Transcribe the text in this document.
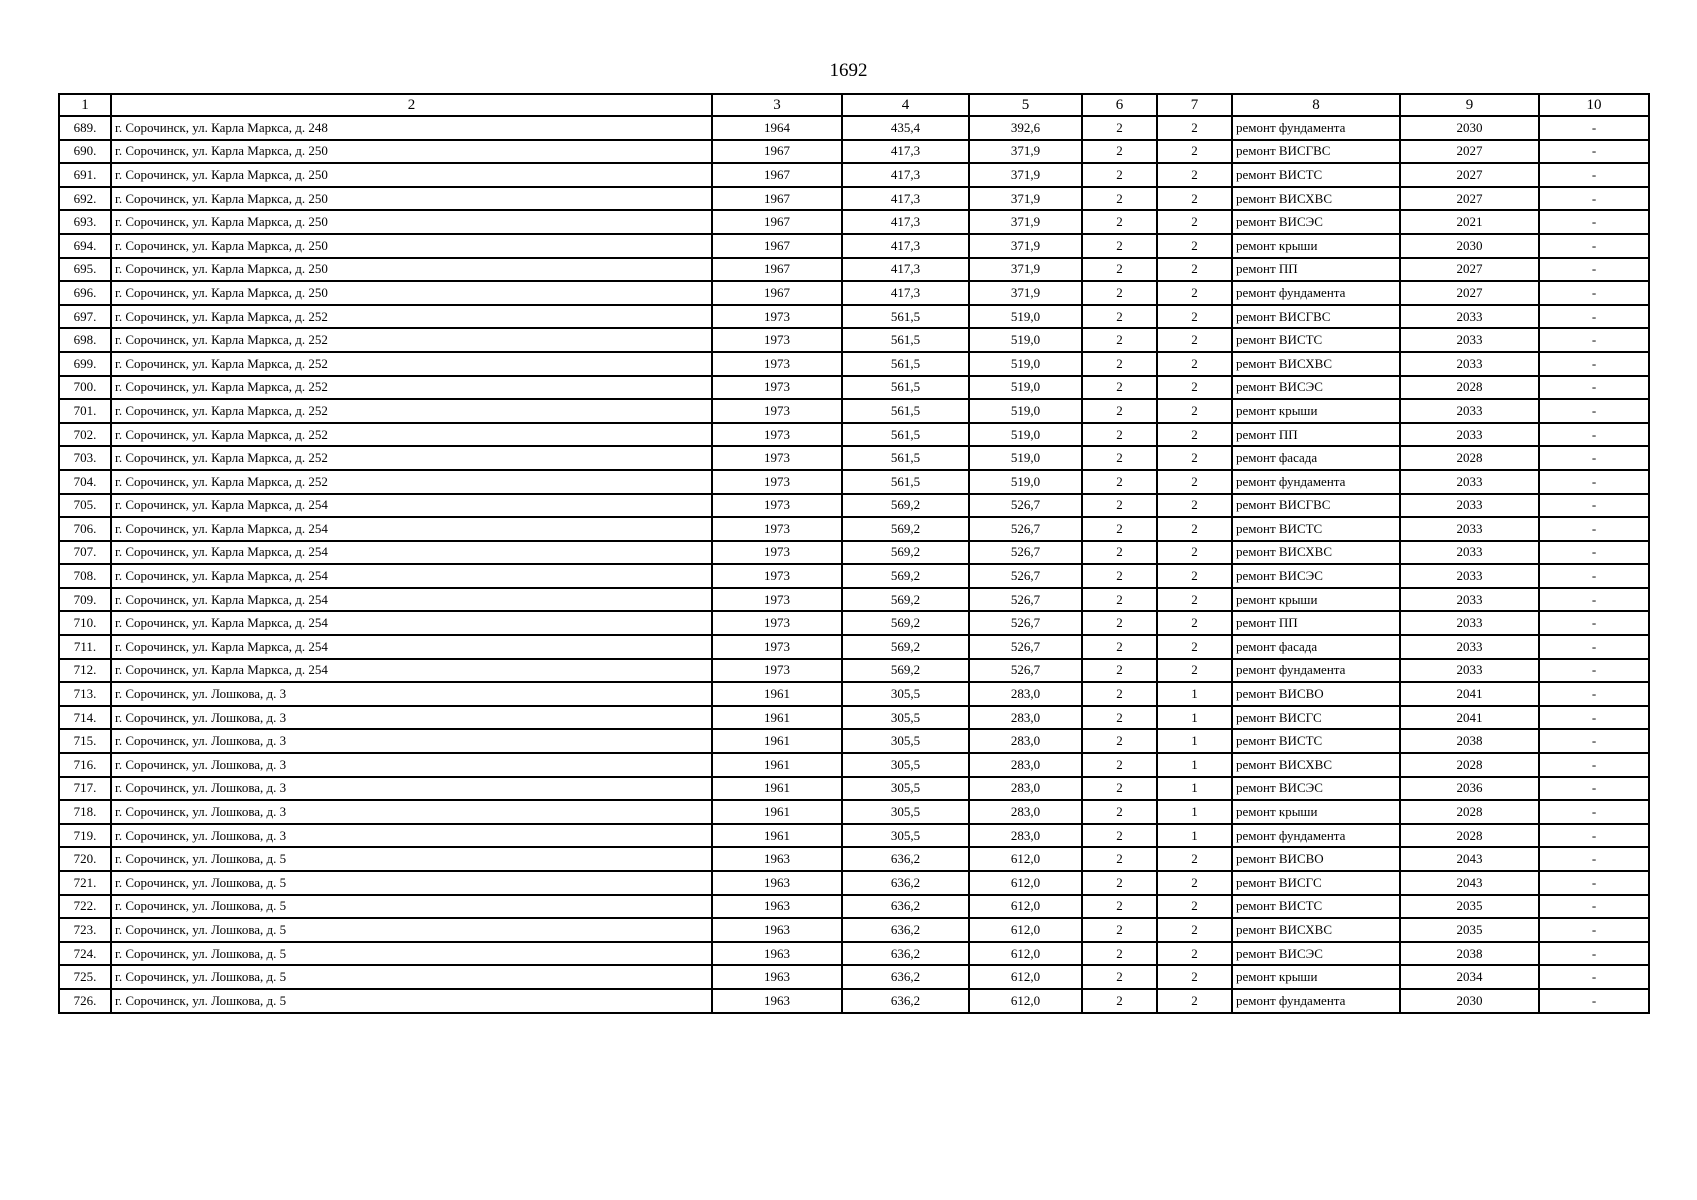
1692
1	2	3	4	5	6	7	8	9	10
689.	г. Сорочинск, ул. Карла Маркса, д. 248	1964	435,4	392,6	2	2	ремонт фундамента	2030	-
690.	г. Сорочинск, ул. Карла Маркса, д. 250	1967	417,3	371,9	2	2	ремонт ВИСГВС	2027	-
691.	г. Сорочинск, ул. Карла Маркса, д. 250	1967	417,3	371,9	2	2	ремонт ВИСТС	2027	-
692.	г. Сорочинск, ул. Карла Маркса, д. 250	1967	417,3	371,9	2	2	ремонт ВИСХВС	2027	-
693.	г. Сорочинск, ул. Карла Маркса, д. 250	1967	417,3	371,9	2	2	ремонт ВИСЭС	2021	-
694.	г. Сорочинск, ул. Карла Маркса, д. 250	1967	417,3	371,9	2	2	ремонт крыши	2030	-
695.	г. Сорочинск, ул. Карла Маркса, д. 250	1967	417,3	371,9	2	2	ремонт ПП	2027	-
696.	г. Сорочинск, ул. Карла Маркса, д. 250	1967	417,3	371,9	2	2	ремонт фундамента	2027	-
697.	г. Сорочинск, ул. Карла Маркса, д. 252	1973	561,5	519,0	2	2	ремонт ВИСГВС	2033	-
698.	г. Сорочинск, ул. Карла Маркса, д. 252	1973	561,5	519,0	2	2	ремонт ВИСТС	2033	-
699.	г. Сорочинск, ул. Карла Маркса, д. 252	1973	561,5	519,0	2	2	ремонт ВИСХВС	2033	-
700.	г. Сорочинск, ул. Карла Маркса, д. 252	1973	561,5	519,0	2	2	ремонт ВИСЭС	2028	-
701.	г. Сорочинск, ул. Карла Маркса, д. 252	1973	561,5	519,0	2	2	ремонт крыши	2033	-
702.	г. Сорочинск, ул. Карла Маркса, д. 252	1973	561,5	519,0	2	2	ремонт ПП	2033	-
703.	г. Сорочинск, ул. Карла Маркса, д. 252	1973	561,5	519,0	2	2	ремонт фасада	2028	-
704.	г. Сорочинск, ул. Карла Маркса, д. 252	1973	561,5	519,0	2	2	ремонт фундамента	2033	-
705.	г. Сорочинск, ул. Карла Маркса, д. 254	1973	569,2	526,7	2	2	ремонт ВИСГВС	2033	-
706.	г. Сорочинск, ул. Карла Маркса, д. 254	1973	569,2	526,7	2	2	ремонт ВИСТС	2033	-
707.	г. Сорочинск, ул. Карла Маркса, д. 254	1973	569,2	526,7	2	2	ремонт ВИСХВС	2033	-
708.	г. Сорочинск, ул. Карла Маркса, д. 254	1973	569,2	526,7	2	2	ремонт ВИСЭС	2033	-
709.	г. Сорочинск, ул. Карла Маркса, д. 254	1973	569,2	526,7	2	2	ремонт крыши	2033	-
710.	г. Сорочинск, ул. Карла Маркса, д. 254	1973	569,2	526,7	2	2	ремонт ПП	2033	-
711.	г. Сорочинск, ул. Карла Маркса, д. 254	1973	569,2	526,7	2	2	ремонт фасада	2033	-
712.	г. Сорочинск, ул. Карла Маркса, д. 254	1973	569,2	526,7	2	2	ремонт фундамента	2033	-
713.	г. Сорочинск, ул. Лошкова, д. 3	1961	305,5	283,0	2	1	ремонт ВИСВО	2041	-
714.	г. Сорочинск, ул. Лошкова, д. 3	1961	305,5	283,0	2	1	ремонт ВИСГС	2041	-
715.	г. Сорочинск, ул. Лошкова, д. 3	1961	305,5	283,0	2	1	ремонт ВИСТС	2038	-
716.	г. Сорочинск, ул. Лошкова, д. 3	1961	305,5	283,0	2	1	ремонт ВИСХВС	2028	-
717.	г. Сорочинск, ул. Лошкова, д. 3	1961	305,5	283,0	2	1	ремонт ВИСЭС	2036	-
718.	г. Сорочинск, ул. Лошкова, д. 3	1961	305,5	283,0	2	1	ремонт крыши	2028	-
719.	г. Сорочинск, ул. Лошкова, д. 3	1961	305,5	283,0	2	1	ремонт фундамента	2028	-
720.	г. Сорочинск, ул. Лошкова, д. 5	1963	636,2	612,0	2	2	ремонт ВИСВО	2043	-
721.	г. Сорочинск, ул. Лошкова, д. 5	1963	636,2	612,0	2	2	ремонт ВИСГС	2043	-
722.	г. Сорочинск, ул. Лошкова, д. 5	1963	636,2	612,0	2	2	ремонт ВИСТС	2035	-
723.	г. Сорочинск, ул. Лошкова, д. 5	1963	636,2	612,0	2	2	ремонт ВИСХВС	2035	-
724.	г. Сорочинск, ул. Лошкова, д. 5	1963	636,2	612,0	2	2	ремонт ВИСЭС	2038	-
725.	г. Сорочинск, ул. Лошкова, д. 5	1963	636,2	612,0	2	2	ремонт крыши	2034	-
726.	г. Сорочинск, ул. Лошкова, д. 5	1963	636,2	612,0	2	2	ремонт фундамента	2030	-
